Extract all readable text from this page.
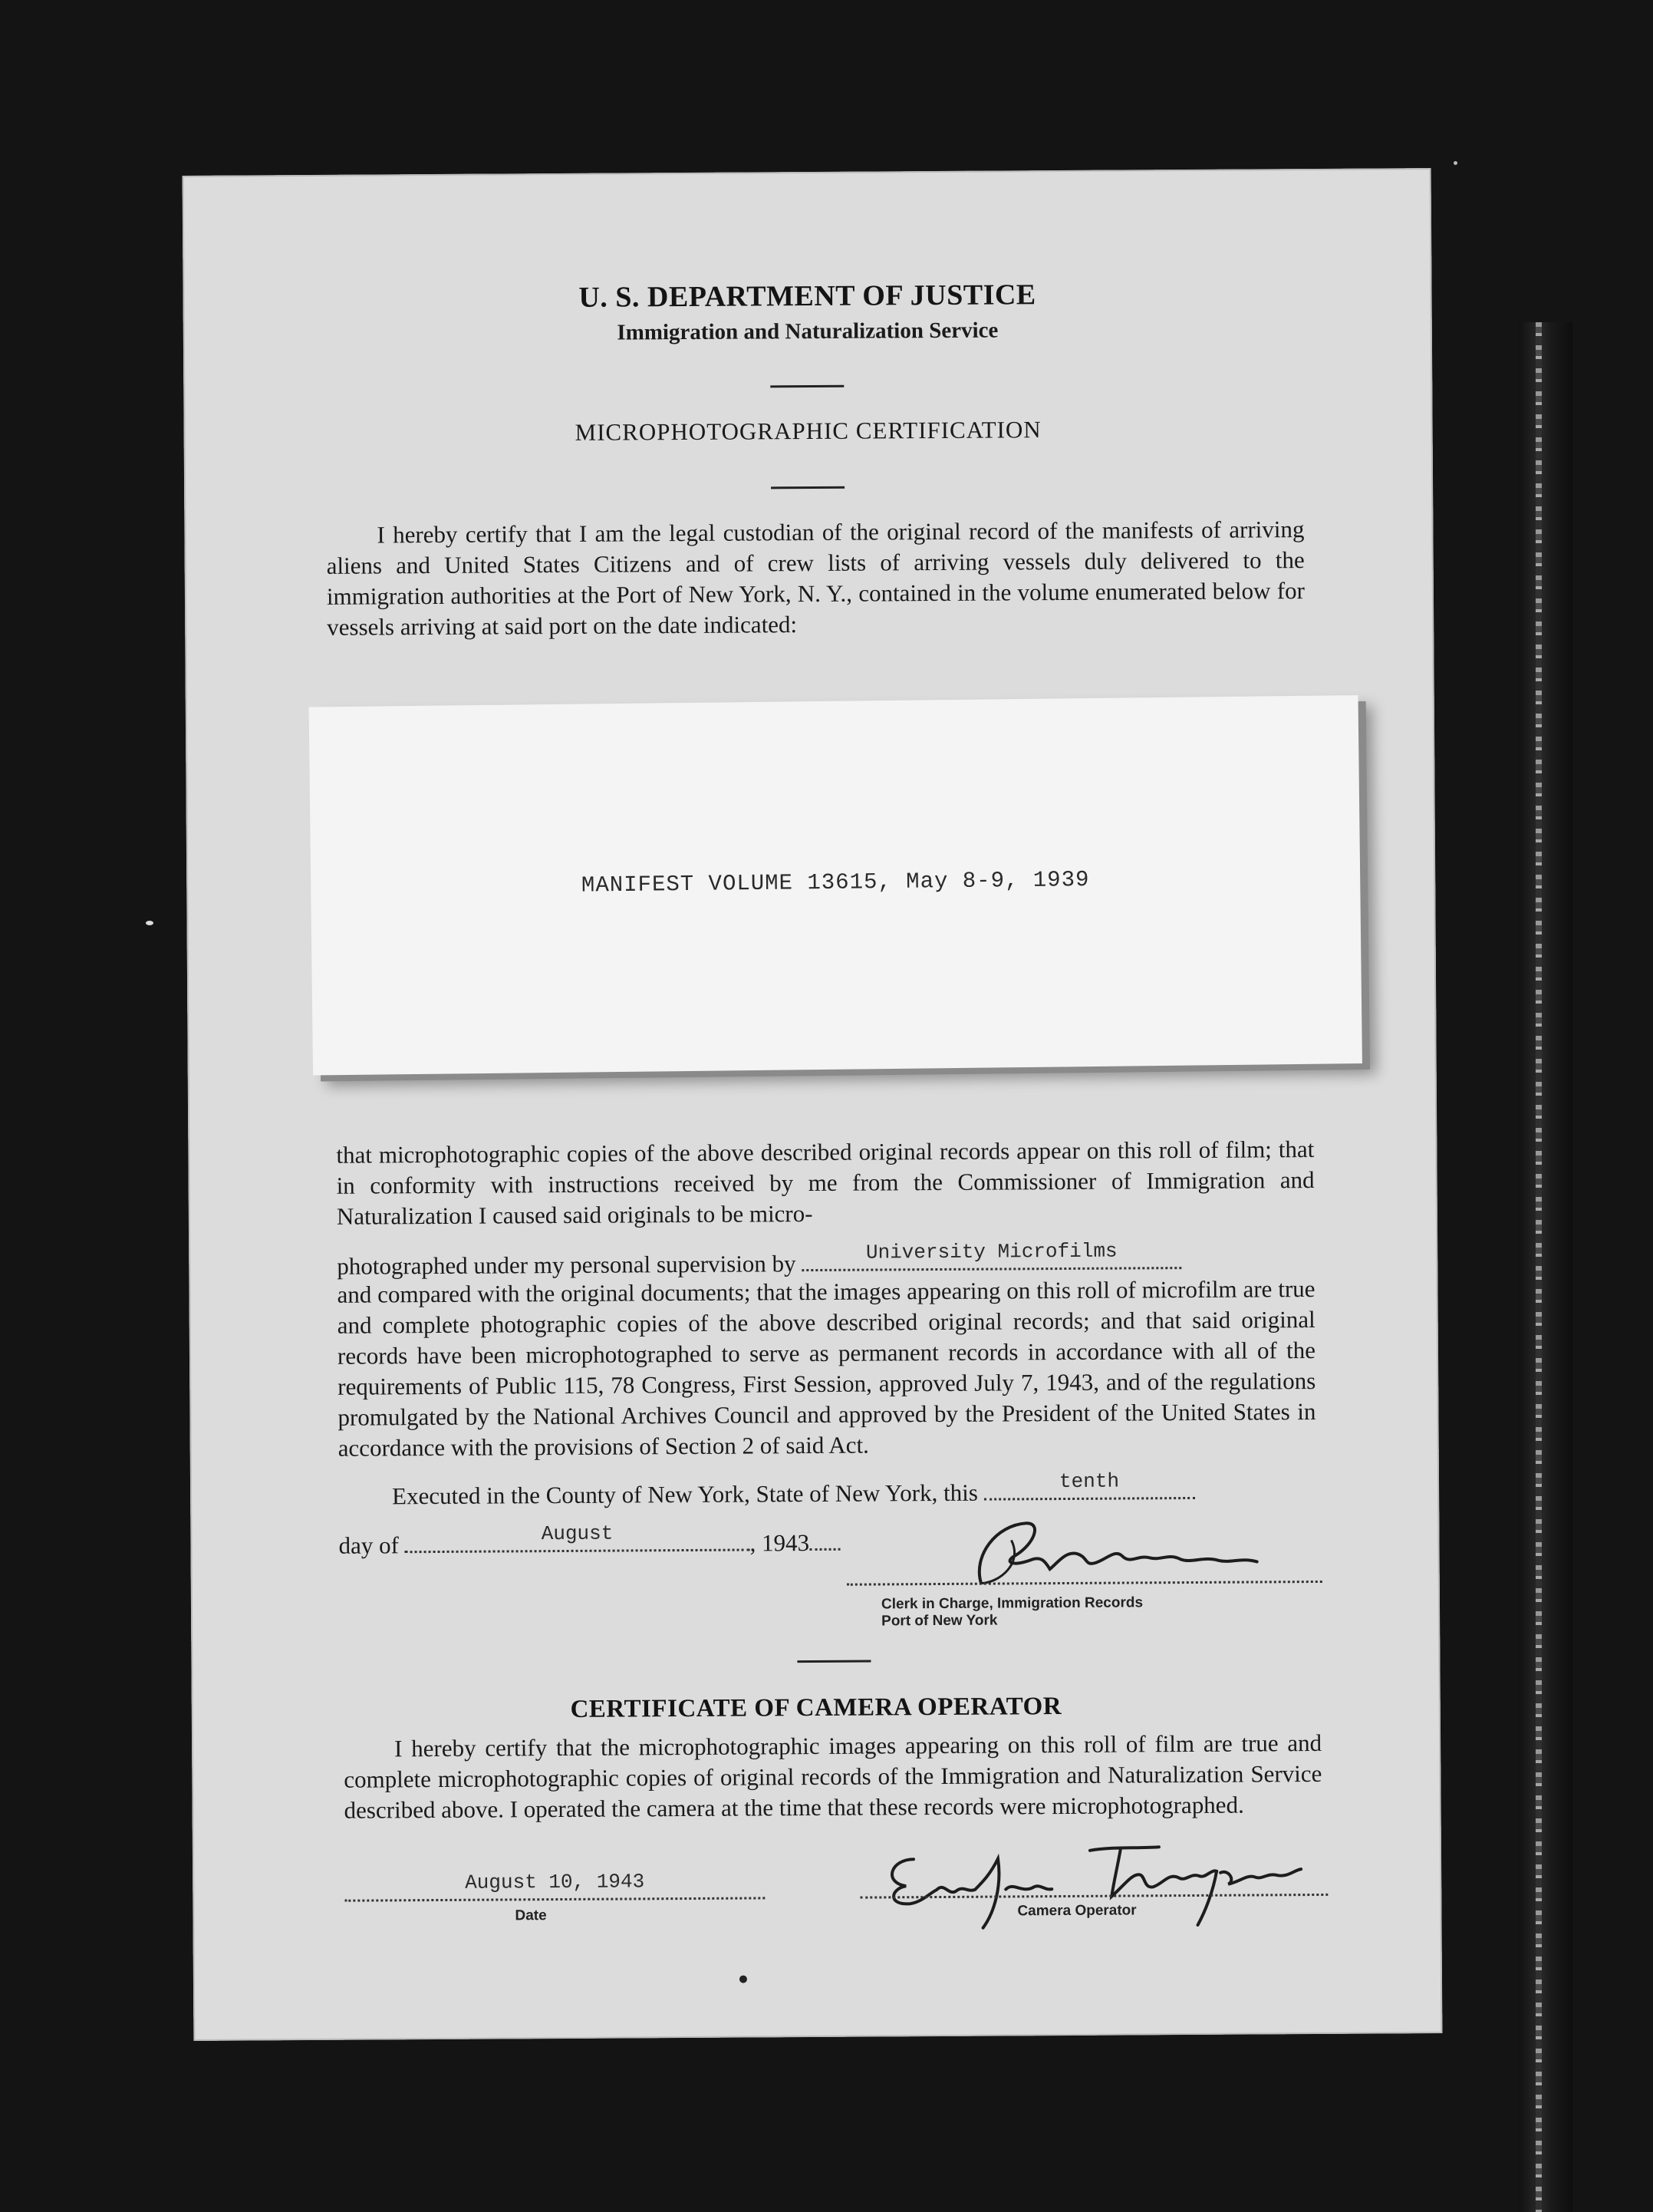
U. S. DEPARTMENT OF JUSTICE
Immigration and Naturalization Service
MICROPHOTOGRAPHIC CERTIFICATION
I hereby certify that I am the legal custodian of the original record of the manifests of arriving aliens and United States Citizens and of crew lists of arriving vessels duly delivered to the immigration authorities at the Port of New York, N. Y., contained in the volume enumerated below for vessels arriving at said port on the date indicated:
MANIFEST VOLUME 13615, May 8-9, 1939
that microphotographic copies of the above described original records appear on this roll of film; that in conformity with instructions received by me from the Commissioner of Immigration and Naturalization I caused said originals to be micro-
photographed under my personal supervision by	University Microfilms
and compared with the original documents; that the images appearing on this roll of microfilm are true and complete photographic copies of the above described original records; and that said original records have been microphotographed to serve as permanent records in accordance with all of the requirements of Public 115, 78 Congress, First Session, approved July 7, 1943, and of the regulations promulgated by the National Archives Council and approved by the President of the United States in accordance with the provisions of Section 2 of said Act.
Executed in the County of New York, State of New York, this	tenth
day of	August	, 1943
Clerk in Charge, Immigration Records
Port of New York
CERTIFICATE OF CAMERA OPERATOR
I hereby certify that the microphotographic images appearing on this roll of film are true and complete microphotographic copies of original records of the Immigration and Naturalization Service described above. I operated the camera at the time that these records were microphotographed.
August 10, 1943
Date	Camera Operator
